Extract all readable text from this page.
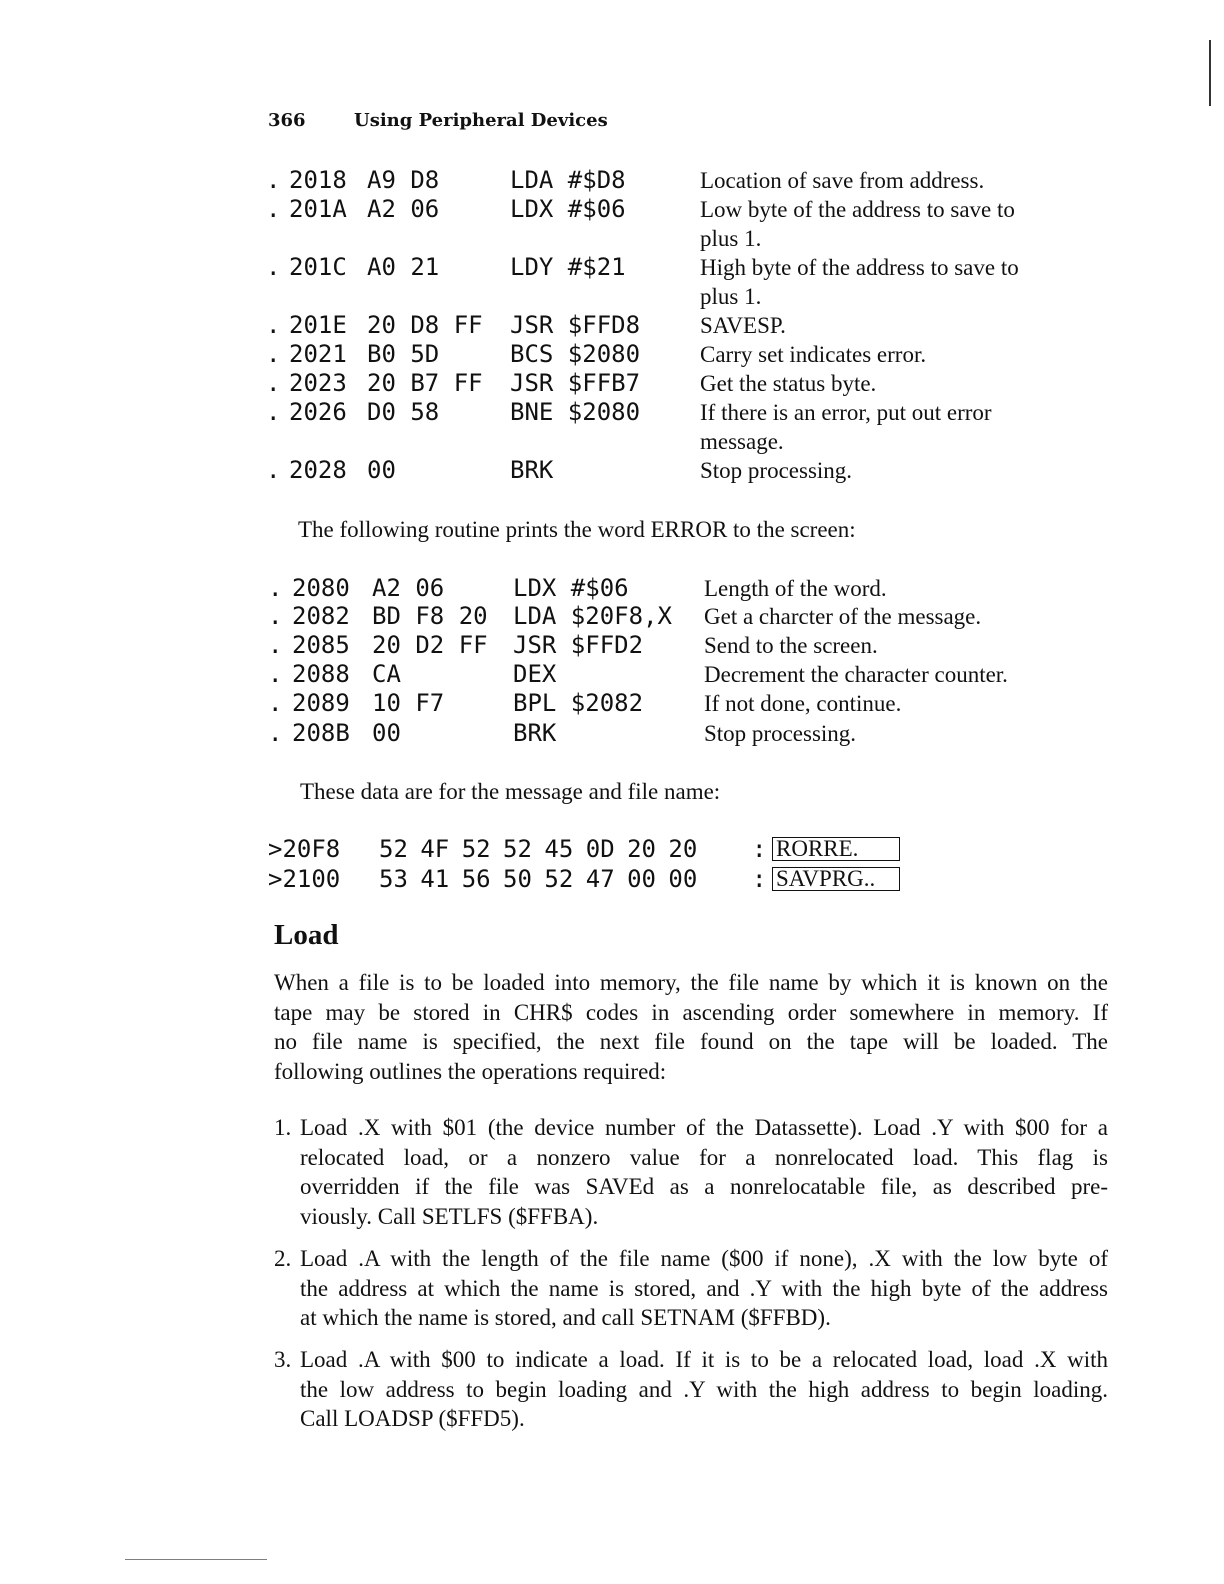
366	Using Peripheral Devices
. 2018 A9 D8	LDA #$D8	Location of save from address.
. 201A A2 06	LDX #$06	Low byte of the address to save to
plus 1.
. 201C A0 21	LDY #$21	High byte of the address to save to
plus 1.
. 201E 20 D8 FF JSR $FFD8	SAVESP.
. 2021 B0 5D	BCS $2080	Carry set indicates error.
. 2023 20 B7 FF JSR $FFB7	Get the status byte.
. 2026 D0 58	BNE $2080	If there is an error, put out error
message.
. 2028 00	BRK	Stop processing.
The following routine prints the word ERROR to the screen:
. 2080 A2 06	LDX #$06	Length of the word.
. 2082 BD F8 20 LDA $20F8,X Get a charcter of the message.
. 2085 20 D2 FF JSR $FFD2	Send to the screen.
. 2088 CA	DEX	Decrement the character counter.
. 2089 10 F7	BPL $2082	If not done, continue.
. 208B 00	BRK	Stop processing.
These data are for the message and file name:
>20F8 52 4F 52 52 45 0D 20 20 : RORRE.
>2100 53 41 56 50 52 47 00 00 : SAVPRG..
Load
When a file is to be loaded into memory, the file name by which it is known on the
tape may be stored in CHR$ codes in ascending order somewhere in memory. If
no file name is specified, the next file found on the tape will be loaded. The
following outlines the operations required:
1. Load .X with $01 (the device number of the Datassette). Load .Y with $00 for a
relocated load, or a nonzero value for a nonrelocated load. This flag is
overridden if the file was SAVEd as a nonrelocatable file, as described pre-
viously. Call SETLFS ($FFBA).
2. Load .A with the length of the file name ($00 if none), .X with the low byte of
the address at which the name is stored, and .Y with the high byte of the address
at which the name is stored, and call SETNAM ($FFBD).
3. Load .A with $00 to indicate a load. If it is to be a relocated load, load .X with
the low address to begin loading and .Y with the high address to begin loading.
Call LOADSP ($FFD5).
